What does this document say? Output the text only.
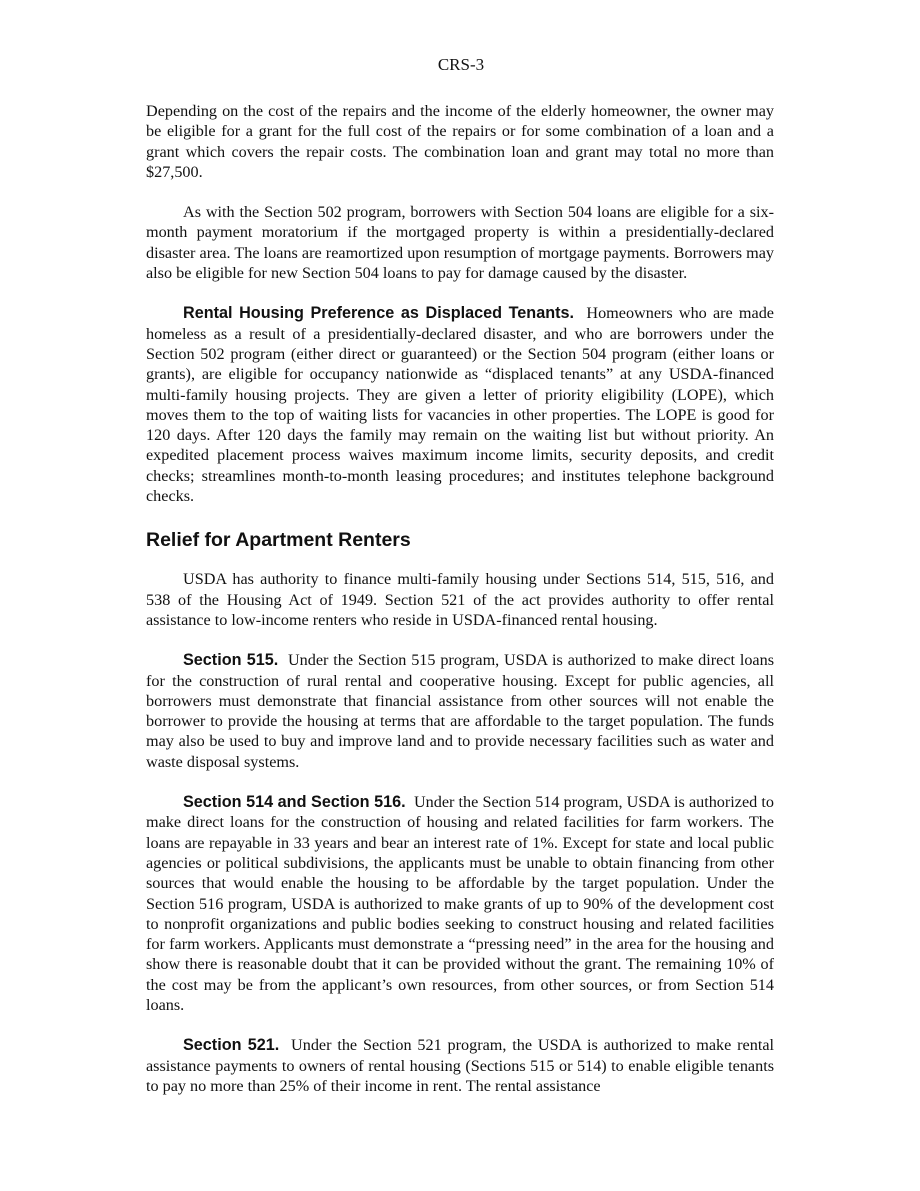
CRS-3

Depending on the cost of the repairs and the income of the elderly homeowner, the owner may be eligible for a grant for the full cost of the repairs or for some combination of a loan and a grant which covers the repair costs. The combination loan and grant may total no more than $27,500.

As with the Section 502 program, borrowers with Section 504 loans are eligible for a six-month payment moratorium if the mortgaged property is within a presidentially-declared disaster area. The loans are reamortized upon resumption of mortgage payments. Borrowers may also be eligible for new Section 504 loans to pay for damage caused by the disaster.

Rental Housing Preference as Displaced Tenants. Homeowners who are made homeless as a result of a presidentially-declared disaster, and who are borrowers under the Section 502 program (either direct or guaranteed) or the Section 504 program (either loans or grants), are eligible for occupancy nationwide as “displaced tenants” at any USDA-financed multi-family housing projects. They are given a letter of priority eligibility (LOPE), which moves them to the top of waiting lists for vacancies in other properties. The LOPE is good for 120 days. After 120 days the family may remain on the waiting list but without priority. An expedited placement process waives maximum income limits, security deposits, and credit checks; streamlines month-to-month leasing procedures; and institutes telephone background checks.

Relief for Apartment Renters

USDA has authority to finance multi-family housing under Sections 514, 515, 516, and 538 of the Housing Act of 1949. Section 521 of the act provides authority to offer rental assistance to low-income renters who reside in USDA-financed rental housing.

Section 515. Under the Section 515 program, USDA is authorized to make direct loans for the construction of rural rental and cooperative housing. Except for public agencies, all borrowers must demonstrate that financial assistance from other sources will not enable the borrower to provide the housing at terms that are affordable to the target population. The funds may also be used to buy and improve land and to provide necessary facilities such as water and waste disposal systems.

Section 514 and Section 516. Under the Section 514 program, USDA is authorized to make direct loans for the construction of housing and related facilities for farm workers. The loans are repayable in 33 years and bear an interest rate of 1%. Except for state and local public agencies or political subdivisions, the applicants must be unable to obtain financing from other sources that would enable the housing to be affordable by the target population. Under the Section 516 program, USDA is authorized to make grants of up to 90% of the development cost to nonprofit organizations and public bodies seeking to construct housing and related facilities for farm workers. Applicants must demonstrate a “pressing need” in the area for the housing and show there is reasonable doubt that it can be provided without the grant. The remaining 10% of the cost may be from the applicant’s own resources, from other sources, or from Section 514 loans.

Section 521. Under the Section 521 program, the USDA is authorized to make rental assistance payments to owners of rental housing (Sections 515 or 514) to enable eligible tenants to pay no more than 25% of their income in rent. The rental assistance
